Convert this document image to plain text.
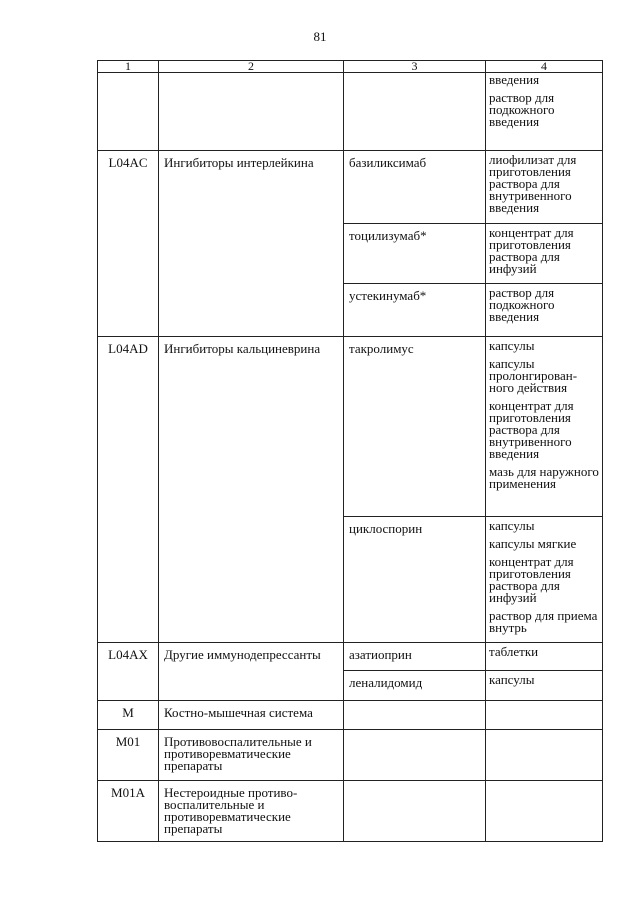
81
1	2	3	4

			введения
раствор для подкожного введения

L04AC	Ингибиторы интерлейкина	базиликсимаб	лиофилизат для приготовления раствора для внутривенного введения

		тоцилизумаб*	концентрат для приготовления раствора для инфузий

		устекинумаб*	раствор для подкожного введения

L04AD	Ингибиторы кальциневрина	такролимус	капсулы
капсулы пролонгирован-ного действия
концентрат для приготовления раствора для внутривенного введения
мазь для наружного применения

		циклоспорин	капсулы
капсулы мягкие
концентрат для приготовления раствора для инфузий
раствор для приема внутрь

L04AX	Другие иммунодепрессанты	азатиоприн	таблетки

		леналидомид	капсулы

M	Костно-мышечная система		
M01	Противовоспалительные и противоревматические препараты		
M01A	Нестероидные противо-воспалительные и противоревматические препараты		
